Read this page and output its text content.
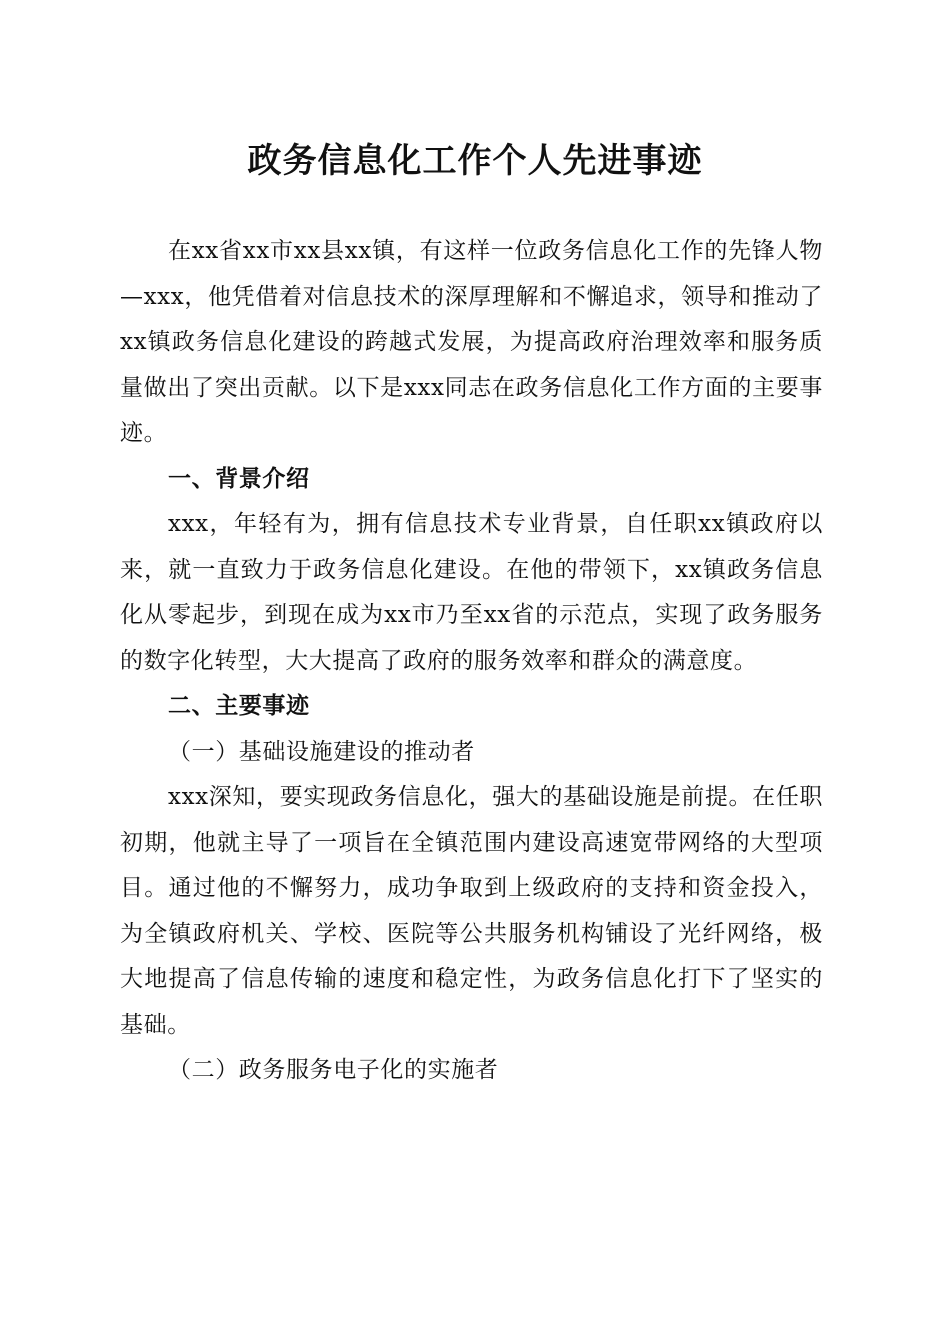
政务信息化工作个人先进事迹

在xx省xx市xx县xx镇，有这样一位政务信息化工作的先锋人物—xxx，他凭借着对信息技术的深厚理解和不懈追求，领导和推动了xx镇政务信息化建设的跨越式发展，为提高政府治理效率和服务质量做出了突出贡献。以下是xxx同志在政务信息化工作方面的主要事迹。

一、背景介绍

xxx，年轻有为，拥有信息技术专业背景，自任职xx镇政府以来，就一直致力于政务信息化建设。在他的带领下，xx镇政务信息化从零起步，到现在成为xx市乃至xx省的示范点，实现了政务服务的数字化转型，大大提高了政府的服务效率和群众的满意度。

二、主要事迹

（一）基础设施建设的推动者

xxx深知，要实现政务信息化，强大的基础设施是前提。在任职初期，他就主导了一项旨在全镇范围内建设高速宽带网络的大型项目。通过他的不懈努力，成功争取到上级政府的支持和资金投入，为全镇政府机关、学校、医院等公共服务机构铺设了光纤网络，极大地提高了信息传输的速度和稳定性，为政务信息化打下了坚实的基础。

（二）政务服务电子化的实施者
